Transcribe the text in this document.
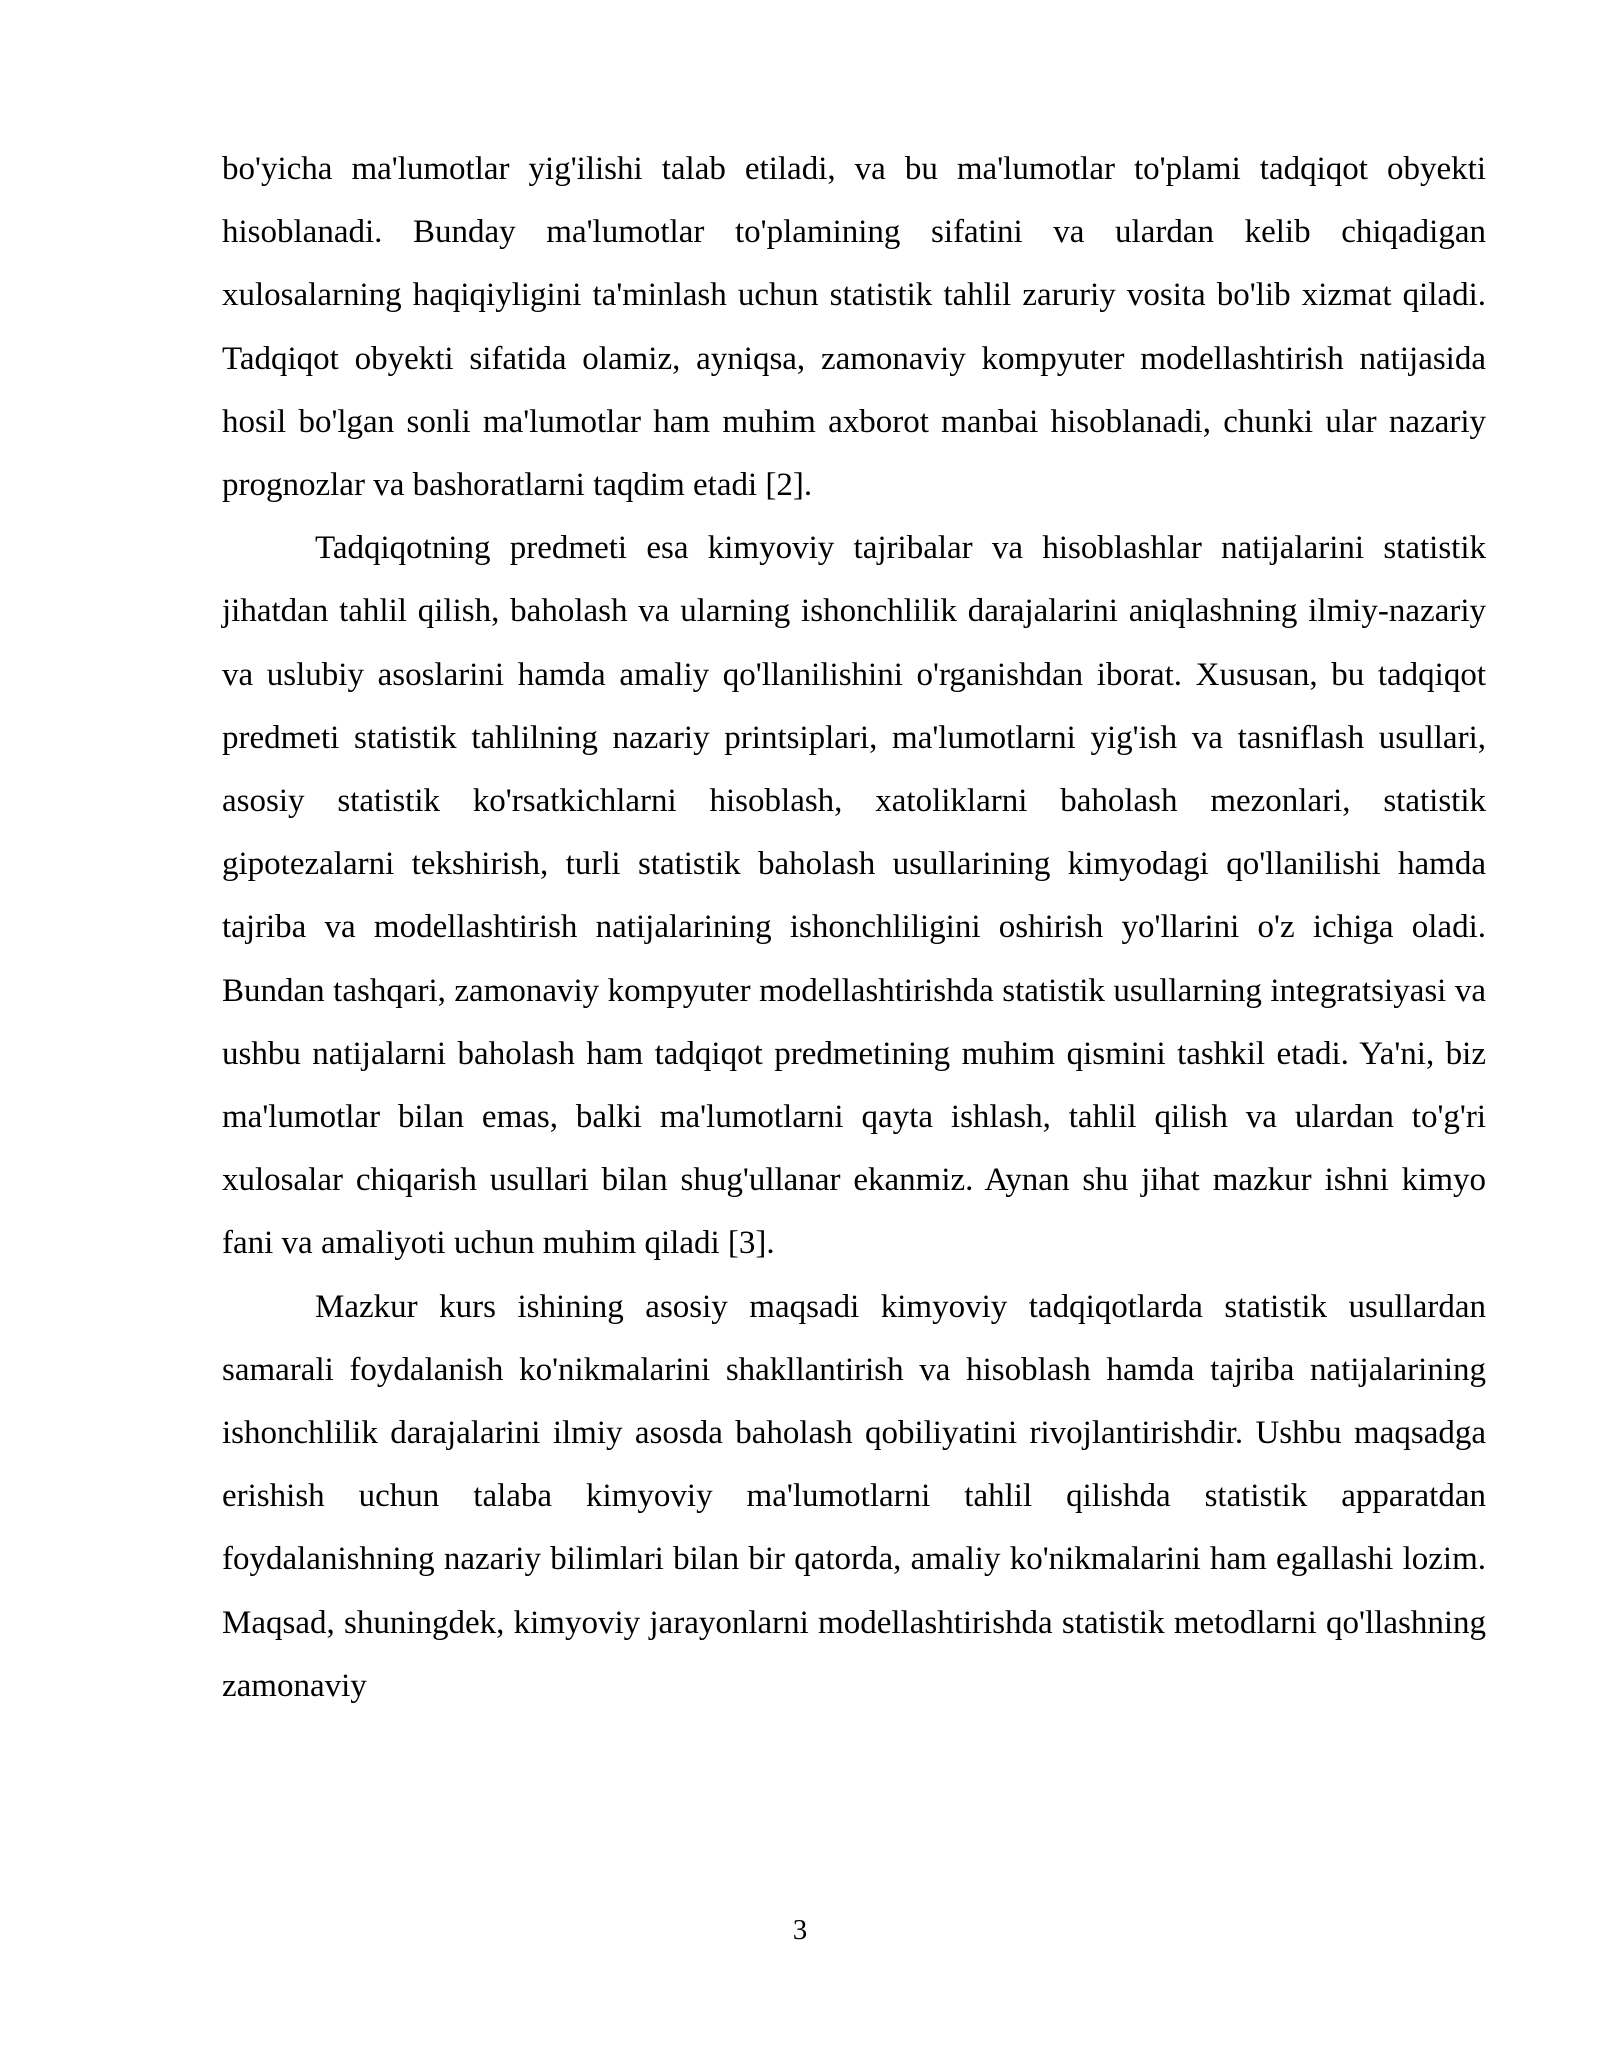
bo'yicha ma'lumotlar yig'ilishi talab etiladi, va bu ma'lumotlar to'plami tadqiqot obyekti hisoblanadi. Bunday ma'lumotlar to'plamining sifatini va ulardan kelib chiqadigan xulosalarning haqiqiyligini ta'minlash uchun statistik tahlil zaruriy vosita bo'lib xizmat qiladi. Tadqiqot obyekti sifatida olamiz, ayniqsa, zamonaviy kompyuter modellashtirish natijasida hosil bo'lgan sonli ma'lumotlar ham muhim axborot manbai hisoblanadi, chunki ular nazariy prognozlar va bashoratlarni taqdim etadi [2].

Tadqiqotning predmeti esa kimyoviy tajribalar va hisoblashlar natijalarini statistik jihatdan tahlil qilish, baholash va ularning ishonchlilik darajalarini aniqlashning ilmiy-nazariy va uslubiy asoslarini hamda amaliy qo'llanilishini o'rganishdan iborat. Xususan, bu tadqiqot predmeti statistik tahlilning nazariy printsiplari, ma'lumotlarni yig'ish va tasniflash usullari, asosiy statistik ko'rsatkichlarni hisoblash, xatoliklarni baholash mezonlari, statistik gipotezalarni tekshirish, turli statistik baholash usullarining kimyodagi qo'llanilishi hamda tajriba va modellashtirish natijalarining ishonchliligini oshirish yo'llarini o'z ichiga oladi. Bundan tashqari, zamonaviy kompyuter modellashtirishda statistik usullarning integratsiyasi va ushbu natijalarni baholash ham tadqiqot predmetining muhim qismini tashkil etadi. Ya'ni, biz ma'lumotlar bilan emas, balki ma'lumotlarni qayta ishlash, tahlil qilish va ulardan to'g'ri xulosalar chiqarish usullari bilan shug'ullanar ekanmiz. Aynan shu jihat mazkur ishni kimyo fani va amaliyoti uchun muhim qiladi [3].

Mazkur kurs ishining asosiy maqsadi kimyoviy tadqiqotlarda statistik usullardan samarali foydalanish ko'nikmalarini shakllantirish va hisoblash hamda tajriba natijalarining ishonchlilik darajalarini ilmiy asosda baholash qobiliyatini rivojlantirishdir. Ushbu maqsadga erishish uchun talaba kimyoviy ma'lumotlarni tahlil qilishda statistik apparatdan foydalanishning nazariy bilimlari bilan bir qatorda, amaliy ko'nikmalarini ham egallashi lozim. Maqsad, shuningdek, kimyoviy jarayonlarni modellashtirishda statistik metodlarni qo'llashning zamonaviy

3
